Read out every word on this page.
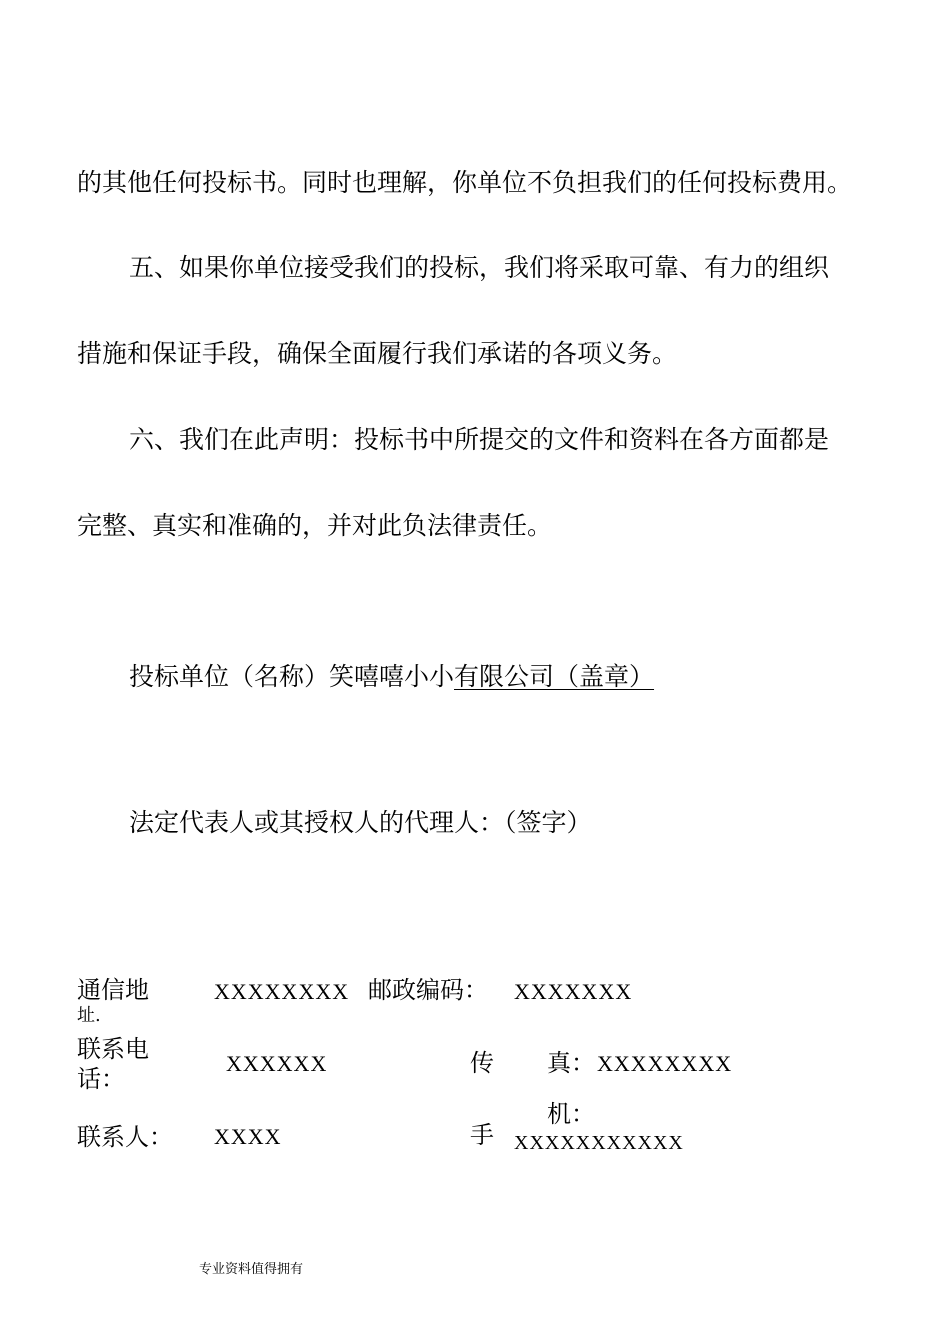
的其他任何投标书。同时也理解，你单位不负担我们的任何投标费用。
五、如果你单位接受我们的投标，我们将采取可靠、有力的组织
措施和保证手段，确保全面履行我们承诺的各项义务。
六、我们在此声明：投标书中所提交的文件和资料在各方面都是
完整、真实和准确的，并对此负法律责任。
投标单位（名称）笑嘻嘻小小有限公司（盖章）
法定代表人或其授权人的代理人：（签字）
通信地
址.
XXXXXXXX 邮政编码： XXXXXXX
联系电
话：
XXXXXX	传 真： XXXXXXXX
联系人： XXXX	手
机：
XXXXXXXXXXX
专业资料值得拥有
